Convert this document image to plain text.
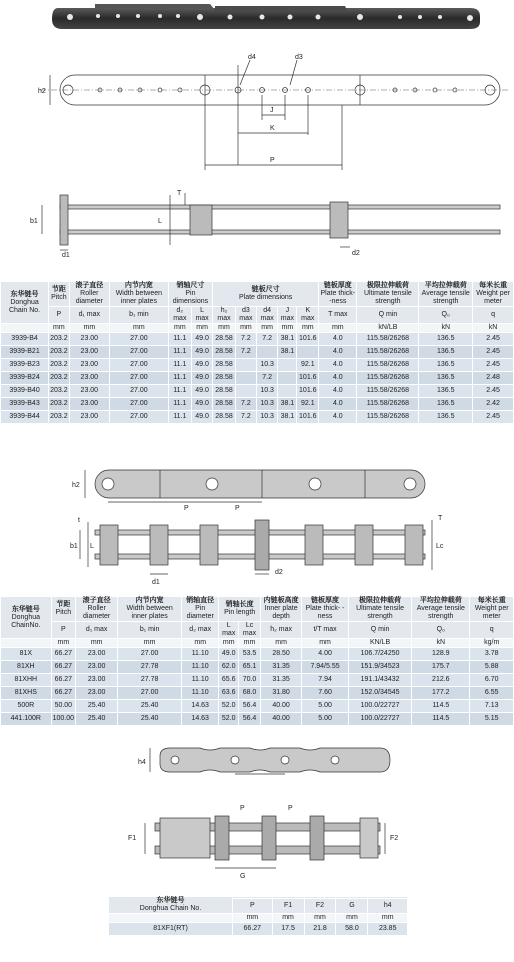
d4	d3
h2
J
K
P
T
b1	L
d1	d2
东华链号
Donghua Chain No.	节距
Pitch	滚子直径
Roller diameter	内节内宽
Width between inner plates	销轴尺寸
Pin dimensions		链板尺寸
Plate dimensions					链板厚度
Plate thick- -ness	极限拉伸载荷
Ultimate tensile strength	平均拉伸载荷
Average tensile strength	每米长重
Weight per meter
	P	d₁ max	b₁ min	d₂ max	L max	h₂ max	d3 max	d4 max	J max	K max	T max	Q min	Q₀	q
	mm	mm	mm	mm	mm	mm	mm	mm	mm	mm	mm	kN/LB	kN	kN
3939-B4	203.2	23.00	27.00	11.1	49.0	28.58	7.2	7.2	38.1	101.6	4.0	115.58/26268	136.5	2.45
3939-B21	203.2	23.00	27.00	11.1	49.0	28.58	7.2		38.1		4.0	115.58/26268	136.5	2.45
3939-B23	203.2	23.00	27.00	11.1	49.0	28.58		10.3		92.1	4.0	115.58/26268	136.5	2.45
3939-B24	203.2	23.00	27.00	11.1	49.0	28.58		7.2		101.6	4.0	115.58/26268	136.5	2.48
3939-B40	203.2	23.00	27.00	11.1	49.0	28.58		10.3		101.6	4.0	115.58/26268	136.5	2.45
3939-B43	203.2	23.00	27.00	11.1	49.0	28.58	7.2	10.3	38.1	92.1	4.0	115.58/26268	136.5	2.42
3939-B44	203.2	23.00	27.00	11.1	49.0	28.58	7.2	10.3	38.1	101.6	4.0	115.58/26268	136.5	2.45
h2
P	P
t	T
b1 L	Lc
d1
d2
东华链号
Donghua ChainNo.	节距
Pitch	滚子直径
Roller diameter	内节内宽
Width between inner plates	销轴直径
Pin diameter	销轴长度
Pin length		内链板高度
Inner plate depth	链板厚度
Plate thick- -ness	极限拉伸载荷
Ultimate tensile strength	平均拉伸载荷
Average tensile strength	每米长重
Weight per meter
	P	d₁ max	b₁ min	d₂ max	L max	Lc max	h₂ max	t/T max	Q min	Q₀	q
	mm	mm	mm	mm	mm	mm	mm	mm	KN/LB	kN	kg/m
81X	66.27	23.00	27.00	11.10	49.0	53.5	28.50	4.00	106.7/24250	128.9	3.78
81XH	66.27	23.00	27.78	11.10	62.0	65.1	31.35	7.94/5.55	151.9/34523	175.7	5.88
81XHH	66.27	23.00	27.78	11.10	65.6	70.0	31.35	7.94	191.1/43432	212.6	6.70
81XHS	66.27	23.00	27.00	11.10	63.6	68.0	31.80	7.60	152.0/34545	177.2	6.55
500R	50.00	25.40	25.40	14.63	52.0	56.4	40.00	5.00	100.0/22727	114.5	7.13
441.100R	100.00	25.40	25.40	14.63	52.0	56.4	40.00	5.00	100.0/22727	114.5	5.15
h4
P	P
F1	F2
G
东华链号
Donghua Chain No.					
	P	F1	F2	G	h4
	mm	mm	mm	mm	mm
81XF1(RT)	66.27	17.5	21.8	58.0	23.85
